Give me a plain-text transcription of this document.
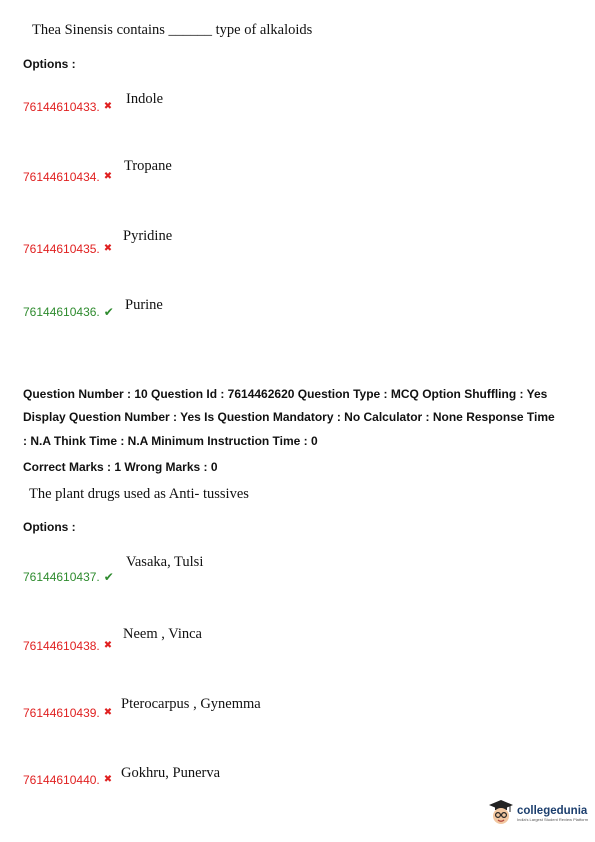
Thea Sinensis contains ______ type of alkaloids
Options :
76144610433. ✖ Indole
76144610434. ✖
Tropane
76144610435. ✖
Pyridine
76144610436. ✔ Purine
Question Number : 10 Question Id : 7614462620 Question Type : MCQ Option Shuffling : Yes
Display Question Number : Yes Is Question Mandatory : No Calculator : None Response Time
: N.A Think Time : N.A Minimum Instruction Time : 0
Correct Marks : 1 Wrong Marks : 0
The plant drugs used as Anti- tussives
Options :
76144610437. ✔
Vasaka, Tulsi
76144610438. ✖
Neem , Vinca
76144610439. ✖
Pterocarpus , Gynemma
76144610440. ✖ Gokhru, Punerva
collegedunia
India's Largest Student Review Platform
